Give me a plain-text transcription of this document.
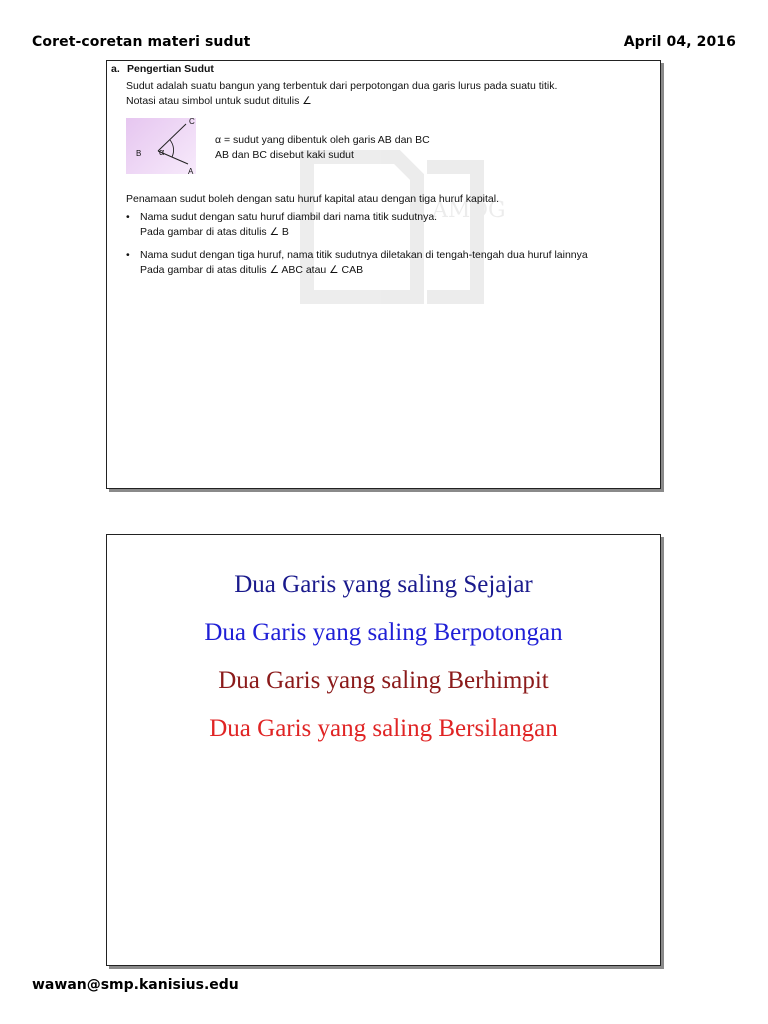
Coret-coretan materi sudut	April 04, 2016
AMDG
a. Pengertian Sudut
Sudut adalah suatu bangun yang terbentuk dari perpotongan dua garis lurus pada suatu titik.
Notasi atau simbol untuk sudut ditulis ∠
C
B
A
α
α = sudut yang dibentuk oleh garis AB dan BC
AB dan BC disebut kaki sudut
Penamaan sudut boleh dengan satu huruf kapital atau dengan tiga huruf kapital.
• Nama sudut dengan satu huruf diambil dari nama titik sudutnya.
Pada gambar di atas ditulis ∠ B
• Nama sudut dengan tiga huruf, nama titik sudutnya diletakan di tengah-tengah dua huruf lainnya
Pada gambar di atas ditulis ∠ ABC atau ∠ CAB
Dua Garis yang saling Sejajar
Dua Garis yang saling Berpotongan
Dua Garis yang saling Berhimpit
Dua Garis yang saling Bersilangan
wawan@smp.kanisius.edu
